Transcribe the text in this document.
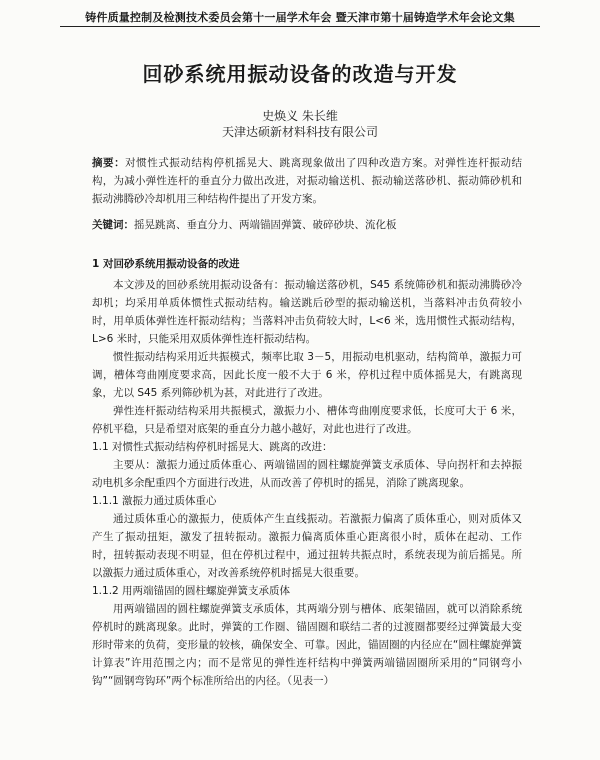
铸件质量控制及检测技术委员会第十一届学术年会 暨天津市第十届铸造学术年会论文集
回砂系统用振动设备的改造与开发
史焕义 朱长维
天津达硕新材料科技有限公司
摘要：对惯性式振动结构停机摇晃大、跳离现象做出了四种改造方案。对弹性连杆振动结构，为减小弹性连杆的垂直分力做出改进，对振动输送机、振动输送落砂机、振动筛砂机和振动沸腾砂冷却机用三种结构件提出了开发方案。
关键词：摇晃跳离、垂直分力、两端锚固弹簧、破碎砂块、流化板
1 对回砂系统用振动设备的改进

本文涉及的回砂系统用振动设备有：振动输送落砂机，S45 系统筛砂机和振动沸腾砂冷却机；均采用单质体惯性式振动结构。输送跳后砂型的振动输送机，当落料冲击负荷较小时，用单质体弹性连杆振动结构；当落料冲击负荷较大时，L<6 米，选用惯性式振动结构，L>6 米时，只能采用双质体弹性连杆振动结构。

惯性振动结构采用近共振模式，频率比取 3－5，用振动电机驱动，结构简单，激振力可调，槽体弯曲刚度要求高，因此长度一般不大于 6 米，停机过程中质体摇晃大，有跳离现象，尤以 S45 系列筛砂机为甚，对此进行了改进。

弹性连杆振动结构采用共振模式，激振力小、槽体弯曲刚度要求低，长度可大于 6 米，停机平稳，只是希望对底架的垂直分力越小越好，对此也进行了改进。

1.1 对惯性式振动结构停机时摇晃大、跳离的改进：

主要从：激振力通过质体重心、两端锚固的圆柱螺旋弹簧支承质体、导向拐杆和去掉振动电机多余配重四个方面进行改进，从而改善了停机时的摇晃，消除了跳离现象。

1.1.1 激振力通过质体重心

通过质体重心的激振力，使质体产生直线振动。若激振力偏离了质体重心，则对质体又产生了振动扭矩，激发了扭转振动。激振力偏离质体重心距离很小时，质体在起动、工作时，扭转振动表现不明显，但在停机过程中，通过扭转共振点时，系统表现为前后摇晃。所以激振力通过质体重心，对改善系统停机时摇晃大很重要。

1.1.2 用两端锚固的圆柱螺旋弹簧支承质体

用两端锚固的圆柱螺旋弹簧支承质体，其两端分别与槽体、底架锚固，就可以消除系统停机时的跳离现象。此时，弹簧的工作圈、锚固圈和联结二者的过渡圈都要经过弹簧最大变形时带来的负荷，变形量的较核，确保安全、可靠。因此，锚固圈的内径应在“圆柱螺旋弹簧计算表”许用范围之内；而不是常见的弹性连杆结构中弹簧两端锚固圈所采用的“同钢弯小钩”“圆钢弯钩环”两个标准所给出的内径。（见表一）
